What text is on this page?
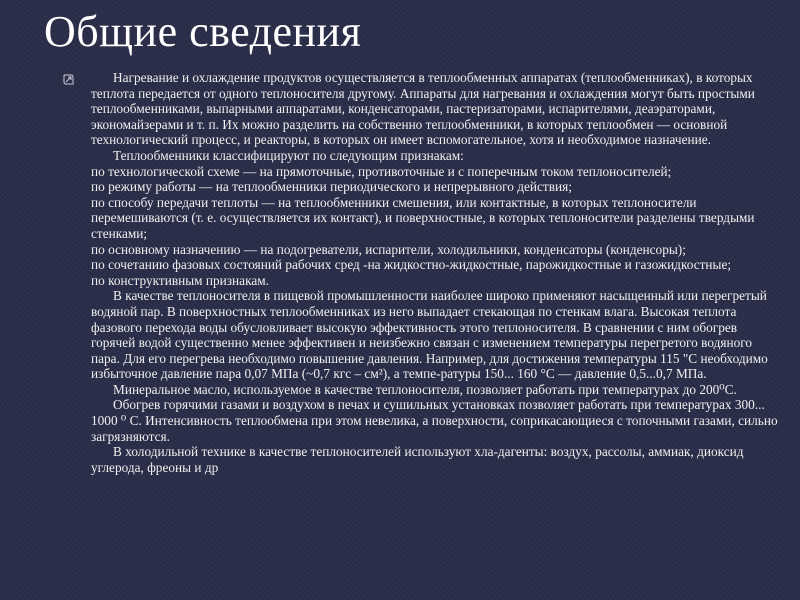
Общие сведения

Нагревание и охлаждение продуктов осуществляется в теплообменных аппаратах (теплообменниках), в которых теплота передается от одного теплоносителя другому. Аппараты для нагревания и охлаждения могут быть простыми теплообменниками, выпарными аппаратами, конденсаторами, пастеризаторами, испарителями, деаэраторами, экономайзерами и т. п. Их можно разделить на собственно теплообменники, в которых теплообмен — основной технологический процесс, и реакторы, в которых он имеет вспомогательное, хотя и необходимое назначение.

Теплообменники классифицируют по следующим признакам:

по технологической схеме — на прямоточные, противоточные и с поперечным током теплоносителей;

по режиму работы — на теплообменники периодического и непрерывного действия;

по способу передачи теплоты — на теплообменники смешения, или контактные, в которых теплоносители перемешиваются (т. е. осуществляется их контакт), и поверхностные, в которых теплоносители разделены твердыми стенками;

по основному назначению — на подогреватели, испарители, холодильники, конденсаторы (конденсоры);

по сочетанию фазовых состояний рабочих сред -на жидкостно-жидкостные, парожидкостные и газожидкостные;

по конструктивным признакам.

В качестве теплоносителя в пищевой промышленности наиболее широко применяют насыщенный или перегретый водяной пар. В поверхностных теплообменниках из него выпадает стекающая по стенкам влага. Высокая теплота фазового перехода воды обусловливает высокую эффективность этого теплоносителя. В сравнении с ним обогрев горячей водой существенно менее эффективен и неизбежно связан с изменением температуры перегретого водяного пара. Для его перегрева необходимо повышение давления. Например, для достижения температуры 115 "С необходимо избыточное давление пара 0,07 МПа (~0,7 кгс – см²), а темпе-ратуры 150... 160 °С — давление 0,5...0,7 МПа.

Минеральное масло, используемое в качестве теплоносителя, позволяет работать при температурах до 200⁰С.

Обогрев горячими газами и воздухом в печах и сушильных установках позволяет работать при температурах 300... 1000 ⁰ С. Интенсивность теплообмена при этом невелика, а поверхности, соприкасающиеся с топочными газами, сильно загрязняются.

В холодильной технике в качестве теплоносителей используют хла-дагенты: воздух, рассолы, аммиак, диоксид углерода, фреоны и др
